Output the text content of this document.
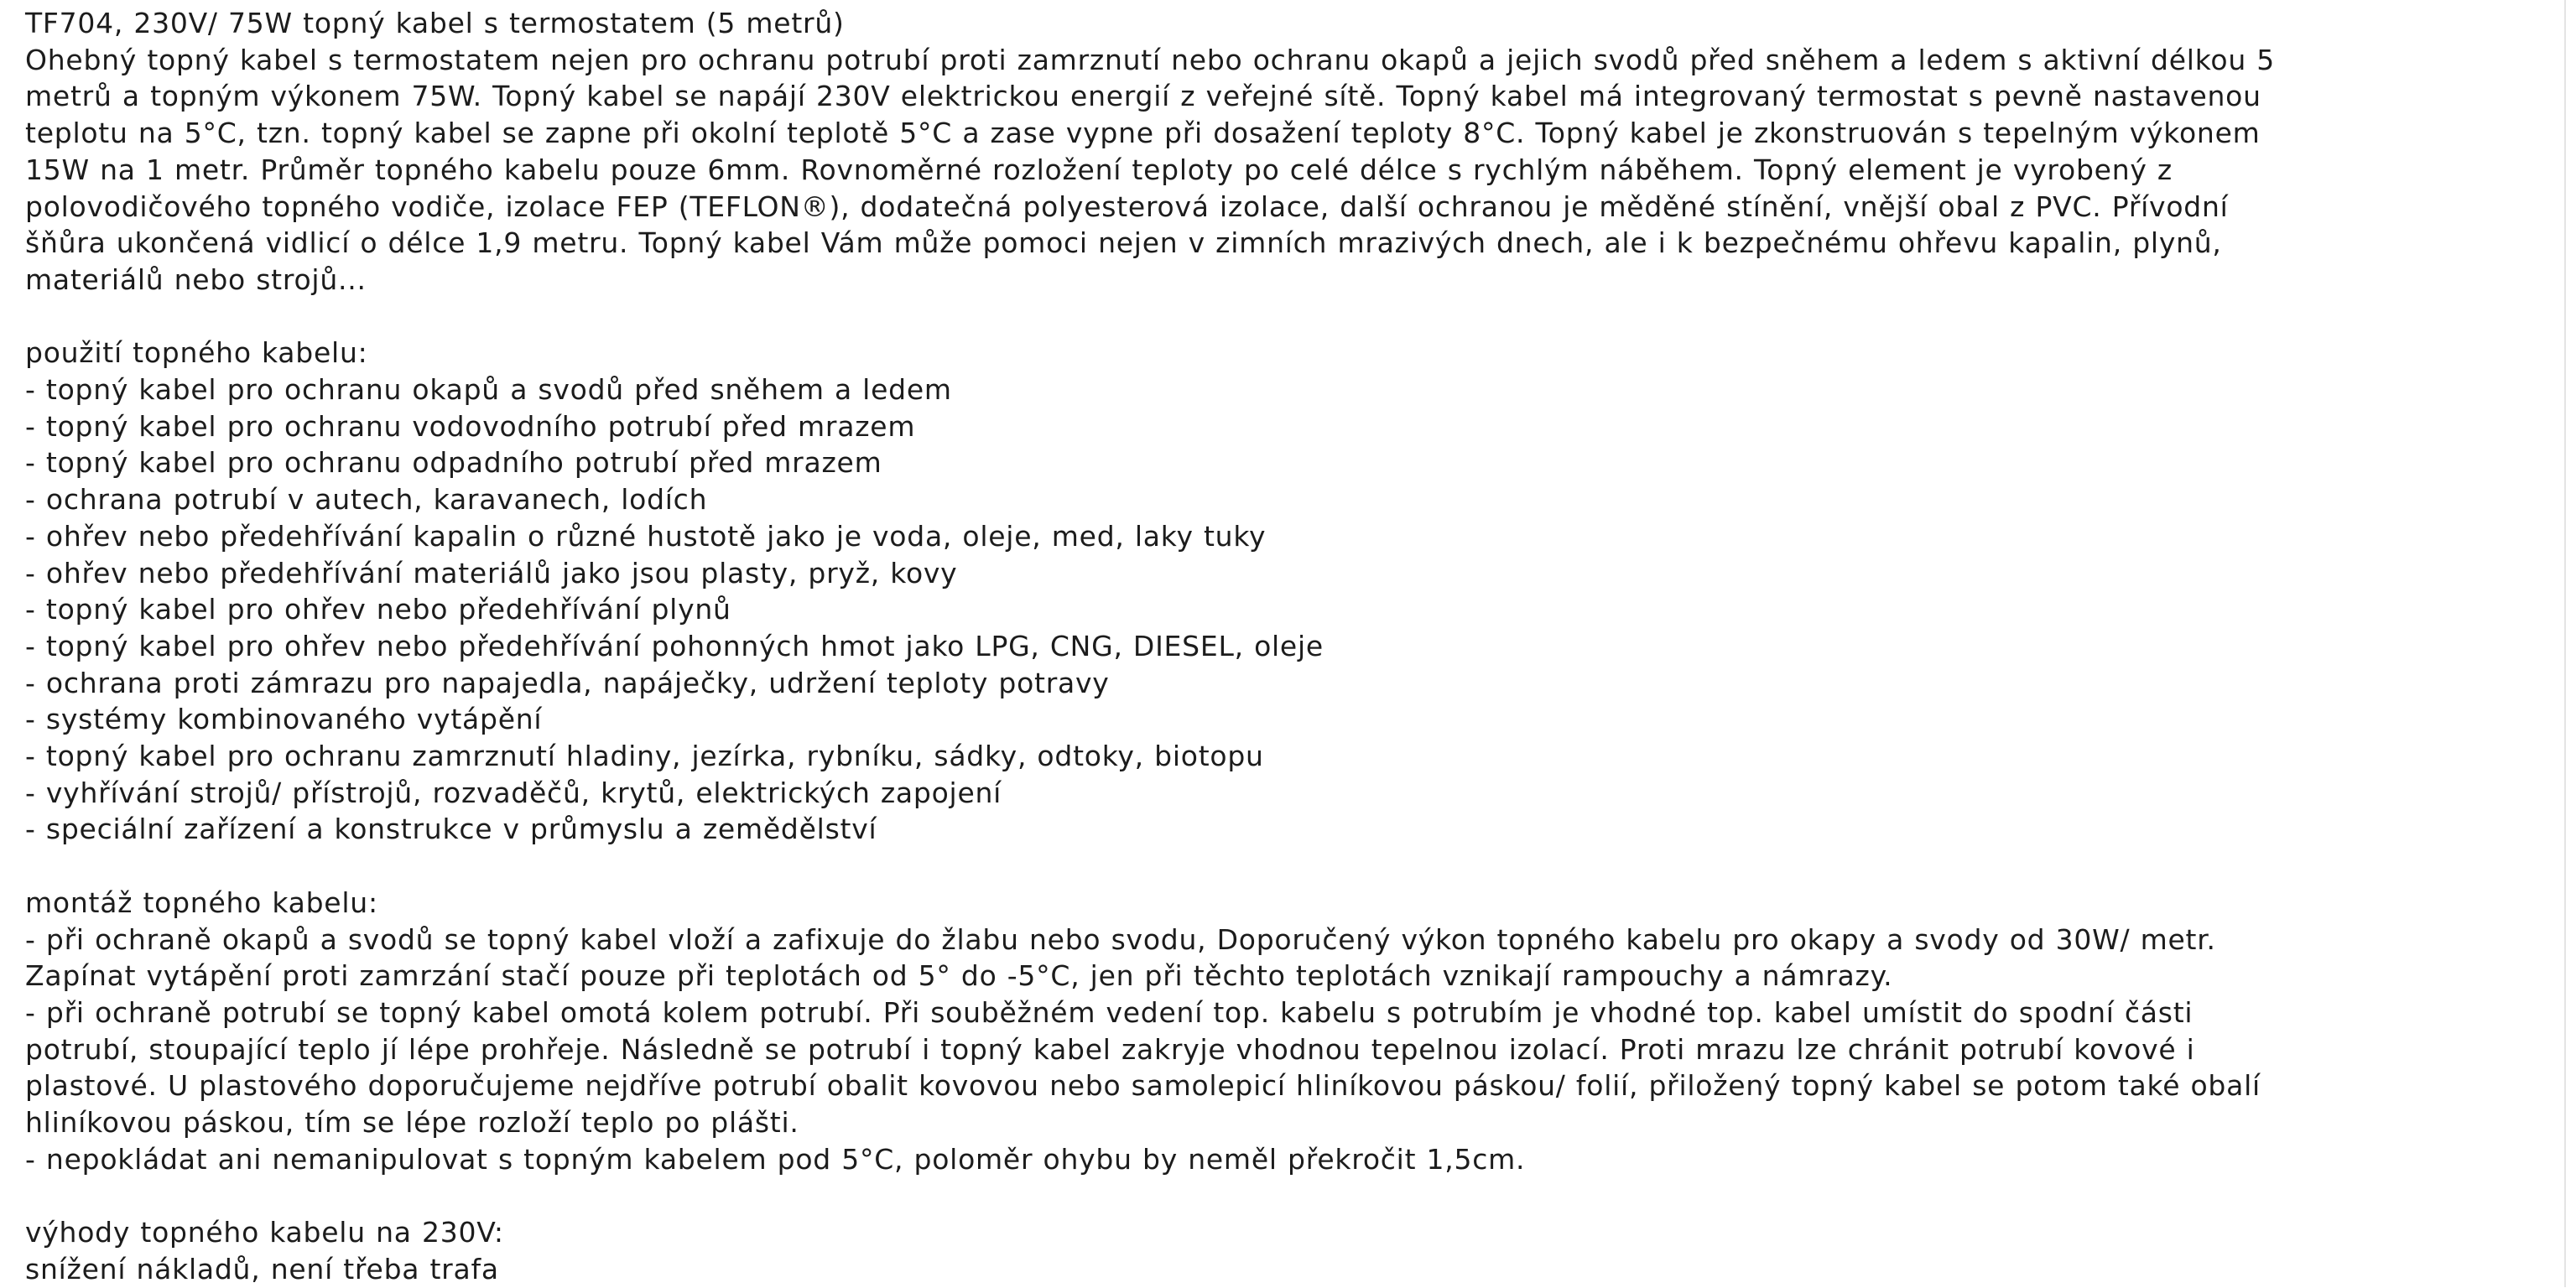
TF704, 230V/ 75W topný kabel s termostatem (5 metrů)
Ohebný topný kabel s termostatem nejen pro ochranu potrubí proti zamrznutí nebo ochranu okapů a jejich svodů před sněhem a ledem s aktivní délkou 5
metrů a topným výkonem 75W. Topný kabel se napájí 230V elektrickou energií z veřejné sítě. Topný kabel má integrovaný termostat s pevně nastavenou
teplotu na 5°C, tzn. topný kabel se zapne při okolní teplotě 5°C a zase vypne při dosažení teploty 8°C. Topný kabel je zkonstruován s tepelným výkonem
15W na 1 metr. Průměr topného kabelu pouze 6mm. Rovnoměrné rozložení teploty po celé délce s rychlým náběhem. Topný element je vyrobený z
polovodičového topného vodiče, izolace FEP (TEFLON®), dodatečná polyesterová izolace, další ochranou je měděné stínění, vnější obal z PVC. Přívodní
šňůra ukončená vidlicí o délce 1,9 metru. Topný kabel Vám může pomoci nejen v zimních mrazivých dnech, ale i k bezpečnému ohřevu kapalin, plynů,
materiálů nebo strojů...
použití topného kabelu:
- topný kabel pro ochranu okapů a svodů před sněhem a ledem
- topný kabel pro ochranu vodovodního potrubí před mrazem
- topný kabel pro ochranu odpadního potrubí před mrazem
- ochrana potrubí v autech, karavanech, lodích
- ohřev nebo předehřívání kapalin o různé hustotě jako je voda, oleje, med, laky tuky
- ohřev nebo předehřívání materiálů jako jsou plasty, pryž, kovy
- topný kabel pro ohřev nebo předehřívání plynů
- topný kabel pro ohřev nebo předehřívání pohonných hmot jako LPG, CNG, DIESEL, oleje
- ochrana proti zámrazu pro napajedla, napáječky, udržení teploty potravy
- systémy kombinovaného vytápění
- topný kabel pro ochranu zamrznutí hladiny, jezírka, rybníku, sádky, odtoky, biotopu
- vyhřívání strojů/ přístrojů, rozvaděčů, krytů, elektrických zapojení
- speciální zařízení a konstrukce v průmyslu a zemědělství
montáž topného kabelu:
- při ochraně okapů a svodů se topný kabel vloží a zafixuje do žlabu nebo svodu, Doporučený výkon topného kabelu pro okapy a svody od 30W/ metr.
Zapínat vytápění proti zamrzání stačí pouze při teplotách od 5° do -5°C, jen při těchto teplotách vznikají rampouchy a námrazy.
- při ochraně potrubí se topný kabel omotá kolem potrubí. Při souběžném vedení top. kabelu s potrubím je vhodné top. kabel umístit do spodní části
potrubí, stoupající teplo jí lépe prohřeje. Následně se potrubí i topný kabel zakryje vhodnou tepelnou izolací. Proti mrazu lze chránit potrubí kovové i
plastové. U plastového doporučujeme nejdříve potrubí obalit kovovou nebo samolepicí hliníkovou páskou/ folií, přiložený topný kabel se potom také obalí
hliníkovou páskou, tím se lépe rozloží teplo po plášti.
- nepokládat ani nemanipulovat s topným kabelem pod 5°C, poloměr ohybu by neměl překročit 1,5cm.
výhody topného kabelu na 230V:
snížení nákladů, není třeba trafa
